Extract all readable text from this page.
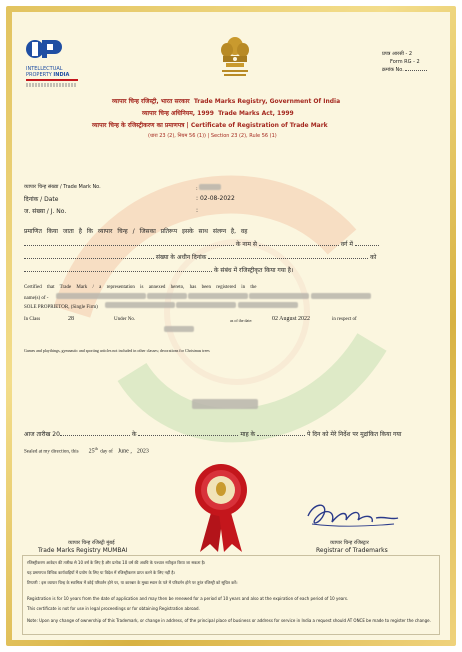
INTELLECTUAL
PROPERTY INDIA
प्रपत्र आरसी - 2
Form RG - 2
क्रमांक No.
व्यापार चिन्ह रजिस्ट्री, भारत सरकार Trade Marks Registry, Government Of India
व्यापार चिन्ह अधिनियम, 1999 Trade Marks Act, 1999
व्यापार चिन्ह के रजिस्ट्रीकरण का प्रमाणपत्र | Certificate of Registration of Trade Mark
(धारा 23 (2), नियम 56 (1)) | Section 23 (2), Rule 56 (1)
व्यापार चिन्ह संख्या / Trade Mark No.	:
दिनांक / Date	: 02-08-2022
ज. संख्या / J. No.	:
प्रमाणित किया जाता है कि व्यापार चिन्ह / जिसका प्रतिरूप इसके साथ संलग्न है, वह
के नाम से	वर्ग में
संख्या के अधीन दिनांक	को
के संबंध में रजिस्ट्रीकृत किया गया है।
Certified that Trade Mark / a representation is annexed hereto, has been registered in the
name(s) of -
SOLE PROPRIETOR, (Single Firm)
In Class	28	Under No.	as of the date:	02 August 2022	in respect of
Games and playthings, gymnastic and sporting articles not included in other classes; decorations for Christmas trees
आज तारीख 20	के	माह के	पे दिन को मेरे निर्देश पर मुद्रांकित किया गया
Sealed at my direction, this 25th  day of June , 2023
व्यापार चिन्ह रजिस्ट्री मुंबई
Trade Marks Registry MUMBAI
व्यापार चिन्ह रजिस्ट्रार
Registrar of Trademarks
रजिस्ट्रीकरण आवेदन की तारीख से 10 वर्ष के लिए है और प्रत्येक 10 वर्ष की अवधि के पश्चात नवीकृत किया जा सकता है।
यह प्रमाणपत्र विधिक कार्यवाहियों में प्रयोग के लिए या विदेश में रजिस्ट्रीकरण प्राप्त करने के लिए नहीं है।
टिप्पणी : इस व्यापार चिन्ह के स्वामित्व में कोई परिवर्तन होने पर, या कारबार के मुख्य स्थान के पते में परिवर्तन होने पर तुरंत रजिस्ट्री को सूचित करें।
Registration is for 10 years from the date of application and may then be renewed for a period of 10 years and also at the expiration of each period of 10 years.
This certificate is not for use in legal proceedings or for obtaining Registration abroad.
Note: Upon any change of ownership of this Trademark, or change in address, of the principal place of business or address for service in India a request should AT ONCE be made to register the change.
